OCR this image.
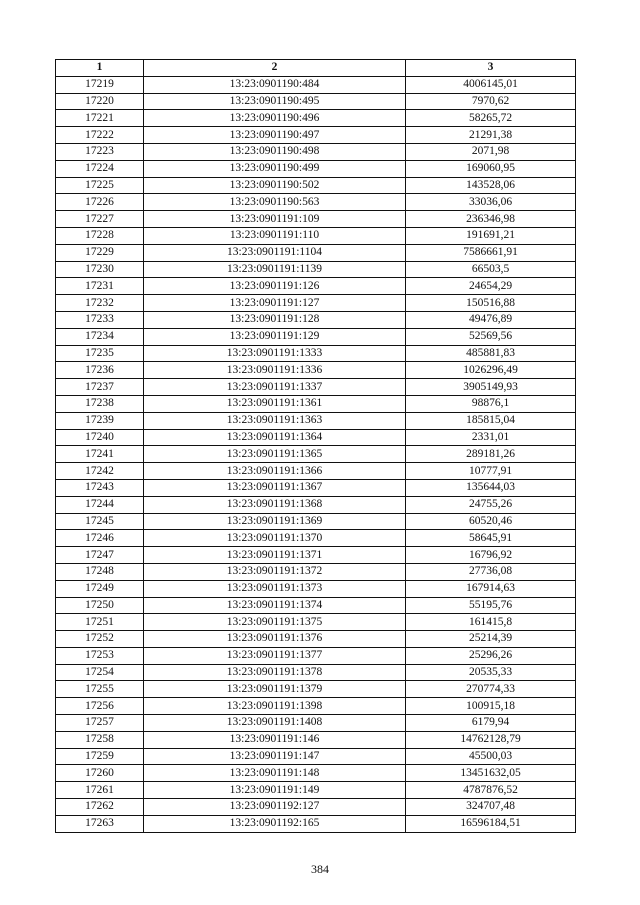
1	2	3
17219	13:23:0901190:484	4006145,01
17220	13:23:0901190:495	7970,62
17221	13:23:0901190:496	58265,72
17222	13:23:0901190:497	21291,38
17223	13:23:0901190:498	2071,98
17224	13:23:0901190:499	169060,95
17225	13:23:0901190:502	143528,06
17226	13:23:0901190:563	33036,06
17227	13:23:0901191:109	236346,98
17228	13:23:0901191:110	191691,21
17229	13:23:0901191:1104	7586661,91
17230	13:23:0901191:1139	66503,5
17231	13:23:0901191:126	24654,29
17232	13:23:0901191:127	150516,88
17233	13:23:0901191:128	49476,89
17234	13:23:0901191:129	52569,56
17235	13:23:0901191:1333	485881,83
17236	13:23:0901191:1336	1026296,49
17237	13:23:0901191:1337	3905149,93
17238	13:23:0901191:1361	98876,1
17239	13:23:0901191:1363	185815,04
17240	13:23:0901191:1364	2331,01
17241	13:23:0901191:1365	289181,26
17242	13:23:0901191:1366	10777,91
17243	13:23:0901191:1367	135644,03
17244	13:23:0901191:1368	24755,26
17245	13:23:0901191:1369	60520,46
17246	13:23:0901191:1370	58645,91
17247	13:23:0901191:1371	16796,92
17248	13:23:0901191:1372	27736,08
17249	13:23:0901191:1373	167914,63
17250	13:23:0901191:1374	55195,76
17251	13:23:0901191:1375	161415,8
17252	13:23:0901191:1376	25214,39
17253	13:23:0901191:1377	25296,26
17254	13:23:0901191:1378	20535,33
17255	13:23:0901191:1379	270774,33
17256	13:23:0901191:1398	100915,18
17257	13:23:0901191:1408	6179,94
17258	13:23:0901191:146	14762128,79
17259	13:23:0901191:147	45500,03
17260	13:23:0901191:148	13451632,05
17261	13:23:0901191:149	4787876,52
17262	13:23:0901192:127	324707,48
17263	13:23:0901192:165	16596184,51
384
